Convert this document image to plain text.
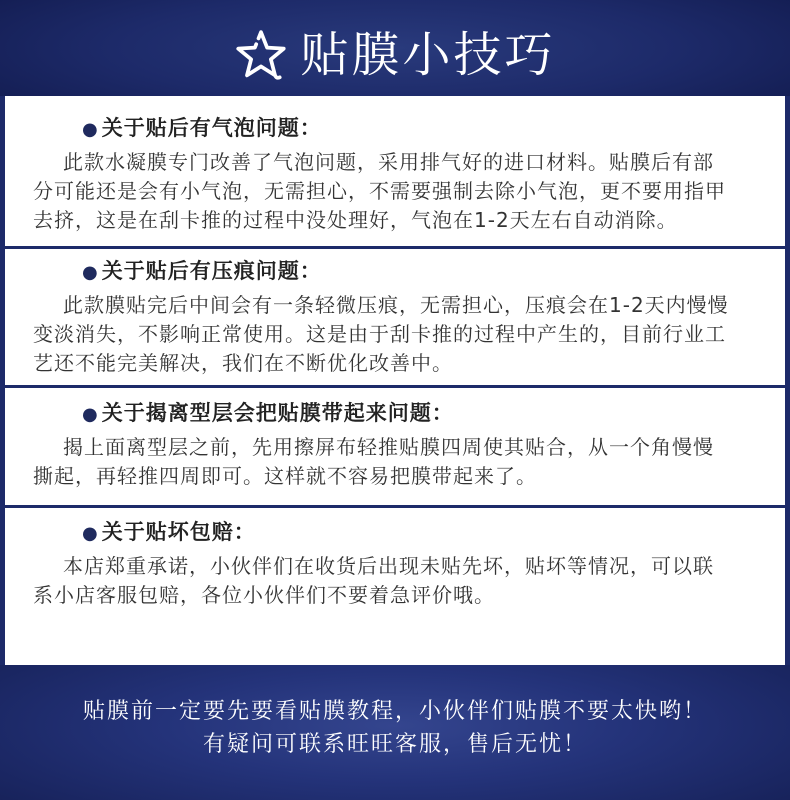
贴膜小技巧
● 关于贴后有气泡问题：
此款水凝膜专门改善了气泡问题，采用排气好的进口材料。贴膜后有部
分可能还是会有小气泡，无需担心，不需要强制去除小气泡，更不要用指甲
去挤，这是在刮卡推的过程中没处理好，气泡在1-2天左右自动消除。
● 关于贴后有压痕问题：
此款膜贴完后中间会有一条轻微压痕，无需担心，压痕会在1-2天内慢慢
变淡消失，不影响正常使用。这是由于刮卡推的过程中产生的，目前行业工
艺还不能完美解决，我们在不断优化改善中。
● 关于揭离型层会把贴膜带起来问题：
揭上面离型层之前，先用擦屏布轻推贴膜四周使其贴合，从一个角慢慢
撕起，再轻推四周即可。这样就不容易把膜带起来了。
● 关于贴坏包赔：
本店郑重承诺，小伙伴们在收货后出现未贴先坏，贴坏等情况，可以联
系小店客服包赔，各位小伙伴们不要着急评价哦。
贴膜前一定要先要看贴膜教程，小伙伴们贴膜不要太快哟！
有疑问可联系旺旺客服，售后无忧！
